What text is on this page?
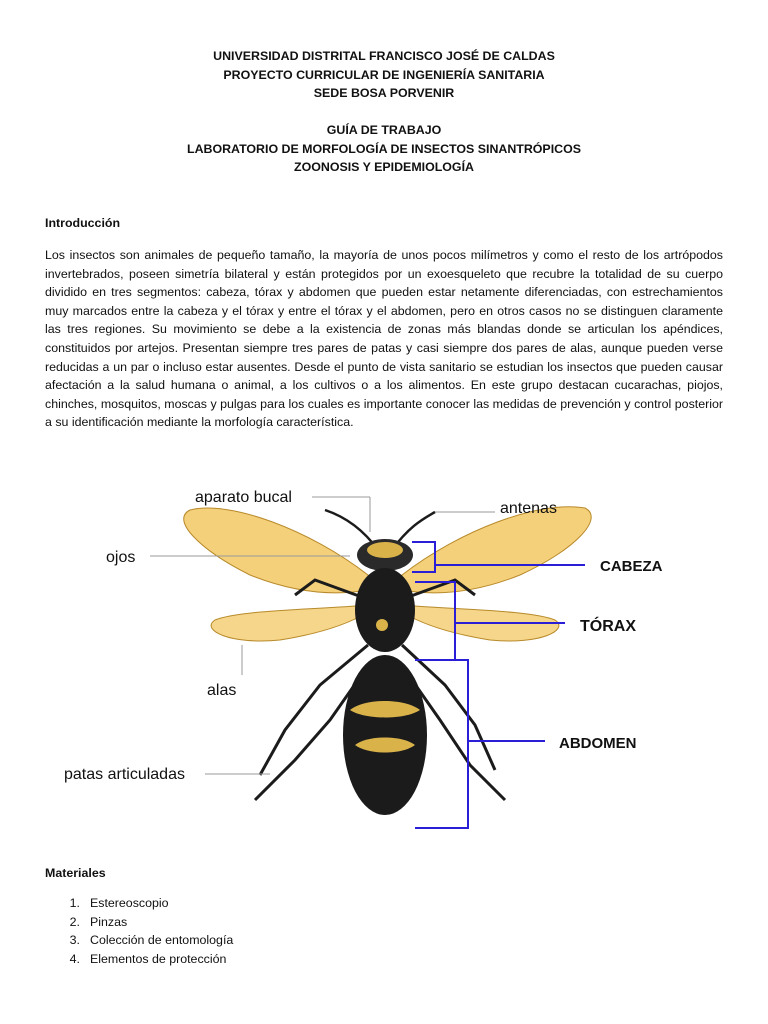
UNIVERSIDAD DISTRITAL FRANCISCO JOSÉ DE CALDAS
PROYECTO CURRICULAR DE INGENIERÍA SANITARIA
SEDE BOSA PORVENIR
GUÍA DE TRABAJO
LABORATORIO DE MORFOLOGÍA DE INSECTOS SINANTRÓPICOS
ZOONOSIS Y EPIDEMIOLOGÍA
Introducción
Los insectos son animales de pequeño tamaño, la mayoría de unos pocos milímetros y como el resto de los artrópodos invertebrados, poseen simetría bilateral y están protegidos por un exoesqueleto que recubre la totalidad de su cuerpo dividido en tres segmentos: cabeza, tórax y abdomen que pueden estar netamente diferenciadas, con estrechamientos muy marcados entre la cabeza y el tórax y entre el tórax y el abdomen, pero en otros casos no se distinguen claramente las tres regiones. Su movimiento se debe a la existencia de zonas más blandas donde se articulan los apéndices, constituidos por artejos. Presentan siempre tres pares de patas y casi siempre dos pares de alas, aunque pueden verse reducidas a un par o incluso estar ausentes. Desde el punto de vista sanitario se estudian los insectos que pueden causar afectación a la salud humana o animal, a los cultivos o a los alimentos. En este grupo destacan cucarachas, piojos, chinches, mosquitos, moscas y pulgas para los cuales es importante conocer las medidas de prevención y control posterior a su identificación mediante la morfología característica.
aparato bucal
antenas
ojos
alas
patas articuladas
CABEZA
TÓRAX
ABDOMEN
Materiales
1. Estereoscopio
2. Pinzas
3. Colección de entomología
4. Elementos de protección
